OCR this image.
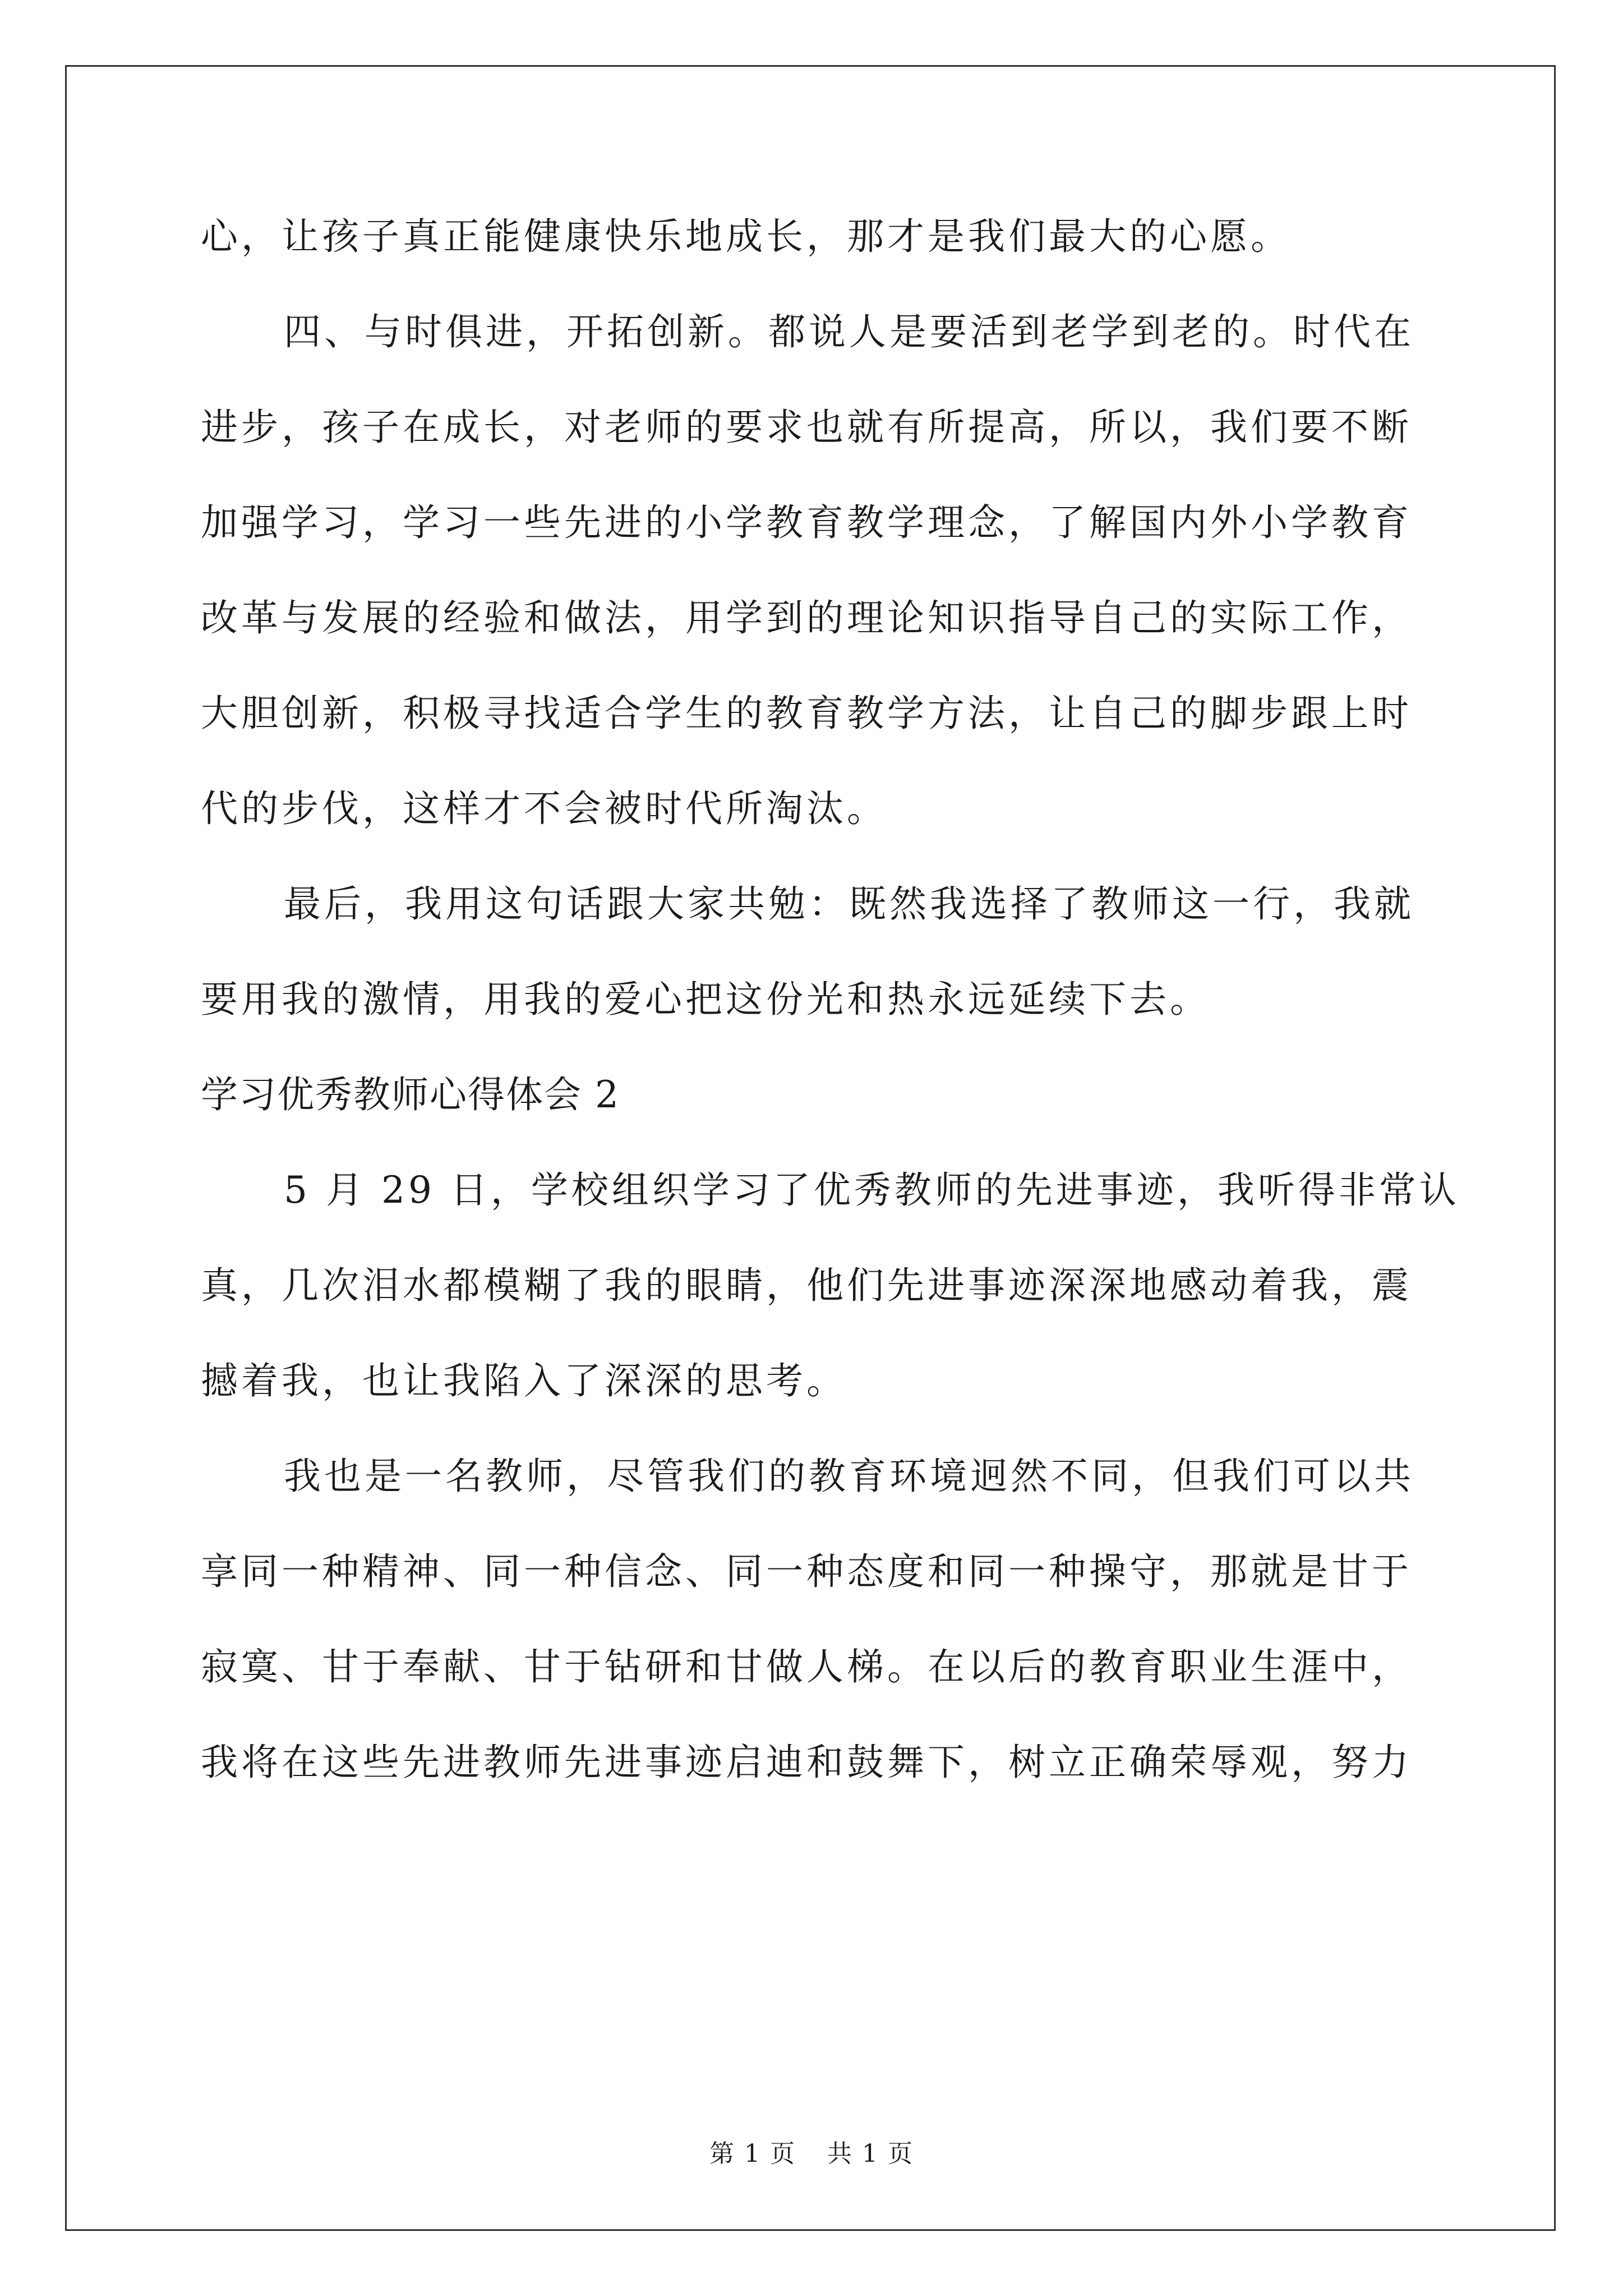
心，让孩子真正能健康快乐地成长，那才是我们最大的心愿。
四、与时俱进，开拓创新。都说人是要活到老学到老的。时代在
进步，孩子在成长，对老师的要求也就有所提高，所以，我们要不断
加强学习，学习一些先进的小学教育教学理念，了解国内外小学教育
改革与发展的经验和做法，用学到的理论知识指导自己的实际工作，
大胆创新，积极寻找适合学生的教育教学方法，让自己的脚步跟上时
代的步伐，这样才不会被时代所淘汰。
最后，我用这句话跟大家共勉：既然我选择了教师这一行，我就
要用我的激情，用我的爱心把这份光和热永远延续下去。
学习优秀教师心得体会 2
5 月 29 日，学校组织学习了优秀教师的先进事迹，我听得非常认
真，几次泪水都模糊了我的眼睛，他们先进事迹深深地感动着我，震
撼着我，也让我陷入了深深的思考。
我也是一名教师，尽管我们的教育环境迥然不同，但我们可以共
享同一种精神、同一种信念、同一种态度和同一种操守，那就是甘于
寂寞、甘于奉献、甘于钻研和甘做人梯。在以后的教育职业生涯中，
我将在这些先进教师先进事迹启迪和鼓舞下，树立正确荣辱观，努力
第 1 页 共 1 页
